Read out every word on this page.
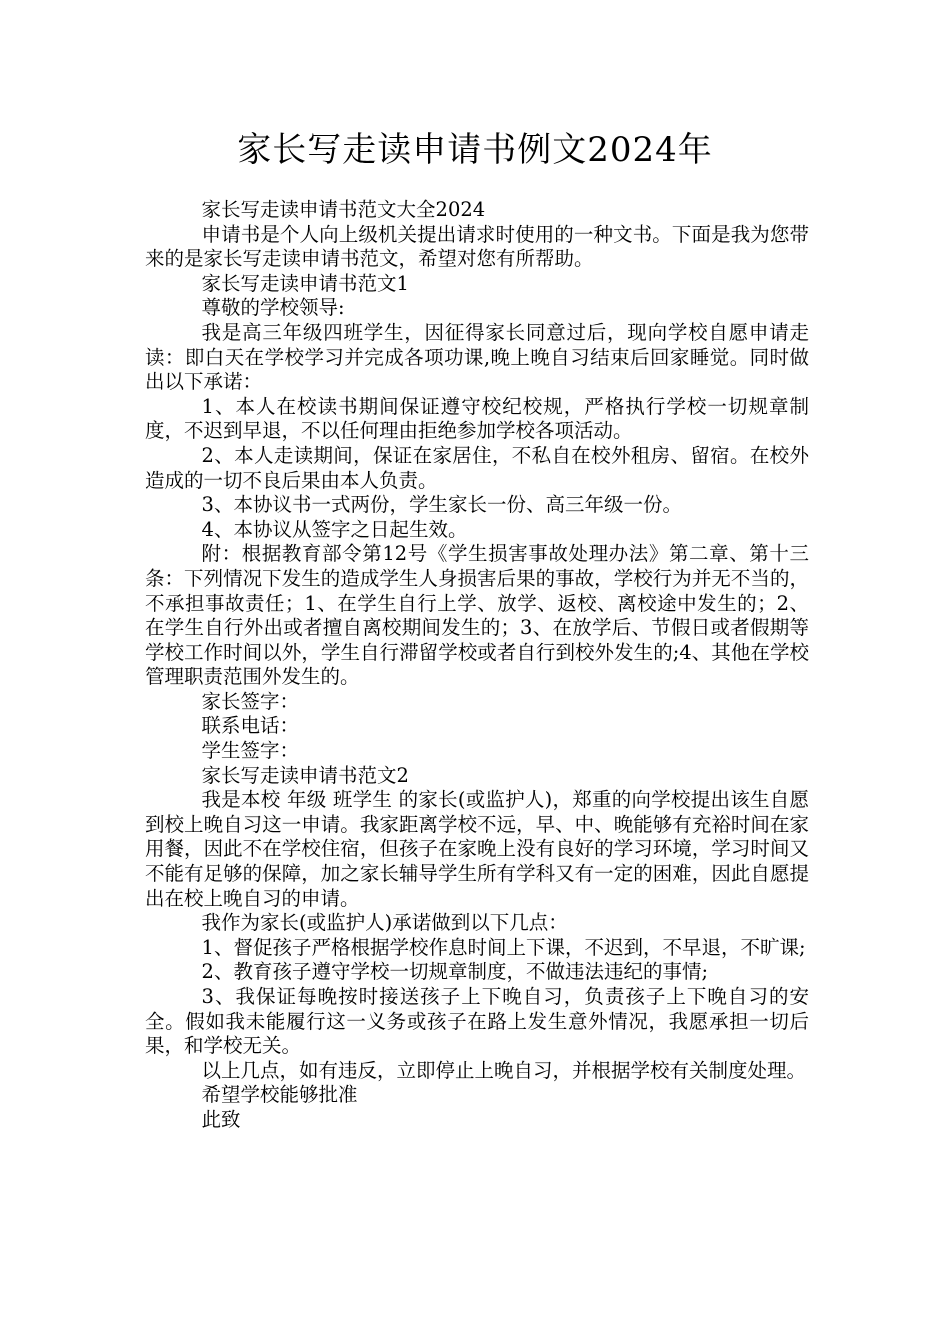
家长写走读申请书例文2024年

家长写走读申请书范文大全2024

申请书是个人向上级机关提出请求时使用的一种文书。下面是我为您带来的是家长写走读申请书范文，希望对您有所帮助。

家长写走读申请书范文1

尊敬的学校领导:

我是高三年级四班学生，因征得家长同意过后，现向学校自愿申请走读：即白天在学校学习并完成各项功课,晚上晚自习结束后回家睡觉。同时做出以下承诺：

1、本人在校读书期间保证遵守校纪校规，严格执行学校一切规章制度，不迟到早退，不以任何理由拒绝参加学校各项活动。

2、本人走读期间，保证在家居住，不私自在校外租房、留宿。在校外造成的一切不良后果由本人负责。

3、本协议书一式两份，学生家长一份、高三年级一份。

4、本协议从签字之日起生效。

附：根据教育部令第12号《学生损害事故处理办法》第二章、第十三条：下列情况下发生的造成学生人身损害后果的事故，学校行为并无不当的，不承担事故责任；1、在学生自行上学、放学、返校、离校途中发生的；2、在学生自行外出或者擅自离校期间发生的；3、在放学后、节假日或者假期等学校工作时间以外，学生自行滞留学校或者自行到校外发生的;4、其他在学校管理职责范围外发生的。

家长签字：

联系电话：

学生签字：

家长写走读申请书范文2

我是本校 年级 班学生 的家长(或监护人)，郑重的向学校提出该生自愿到校上晚自习这一申请。我家距离学校不远，早、中、晚能够有充裕时间在家用餐，因此不在学校住宿，但孩子在家晚上没有良好的学习环境，学习时间又不能有足够的保障，加之家长辅导学生所有学科又有一定的困难，因此自愿提出在校上晚自习的申请。

我作为家长(或监护人)承诺做到以下几点：

1、督促孩子严格根据学校作息时间上下课，不迟到，不早退，不旷课;

2、教育孩子遵守学校一切规章制度，不做违法违纪的事情;

3、我保证每晚按时接送孩子上下晚自习，负责孩子上下晚自习的安全。假如我未能履行这一义务或孩子在路上发生意外情况，我愿承担一切后果，和学校无关。

以上几点，如有违反，立即停止上晚自习，并根据学校有关制度处理。

希望学校能够批准

此致
